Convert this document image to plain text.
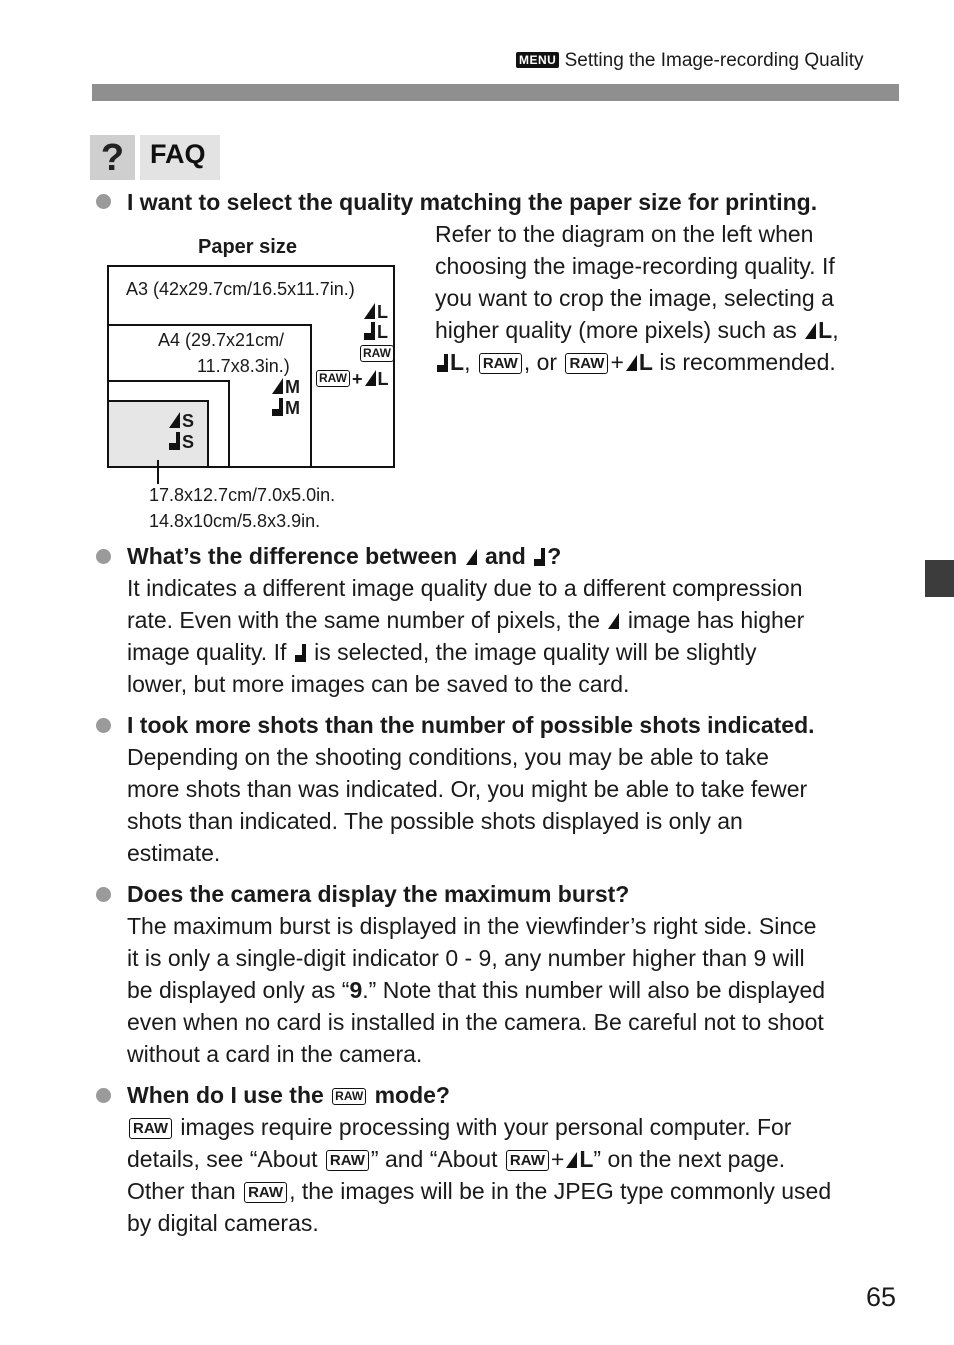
MENU Setting the Image-recording Quality
? FAQ
I want to select the quality matching the paper size for printing.
Paper size
A3 (42x29.7cm/16.5x11.7in.)
L
L
RAW
RAW + L
A4 (29.7x21cm/
11.7x8.3in.)
M
M
S
S
17.8x12.7cm/7.0x5.0in.
14.8x10cm/5.8x3.9in.
Refer to the diagram on the left when
choosing the image-recording quality. If
you want to crop the image, selecting a
higher quality (more pixels) such as L,
L, RAW , or RAW + L is recommended.
What’s the difference between and ?
It indicates a different image quality due to a different compression
rate. Even with the same number of pixels, the image has higher
image quality. If is selected, the image quality will be slightly
lower, but more images can be saved to the card.
I took more shots than the number of possible shots indicated.
Depending on the shooting conditions, you may be able to take
more shots than was indicated. Or, you might be able to take fewer
shots than indicated. The possible shots displayed is only an
estimate.
Does the camera display the maximum burst?
The maximum burst is displayed in the viewfinder’s right side. Since
it is only a single-digit indicator 0 - 9, any number higher than 9 will
be displayed only as “9.” Note that this number will also be displayed
even when no card is installed in the camera. Be careful not to shoot
without a card in the camera.
When do I use the RAW mode?
RAW images require processing with your personal computer. For
details, see “About RAW ” and “About RAW + L” on the next page.
Other than RAW , the images will be in the JPEG type commonly used
by digital cameras.
65
